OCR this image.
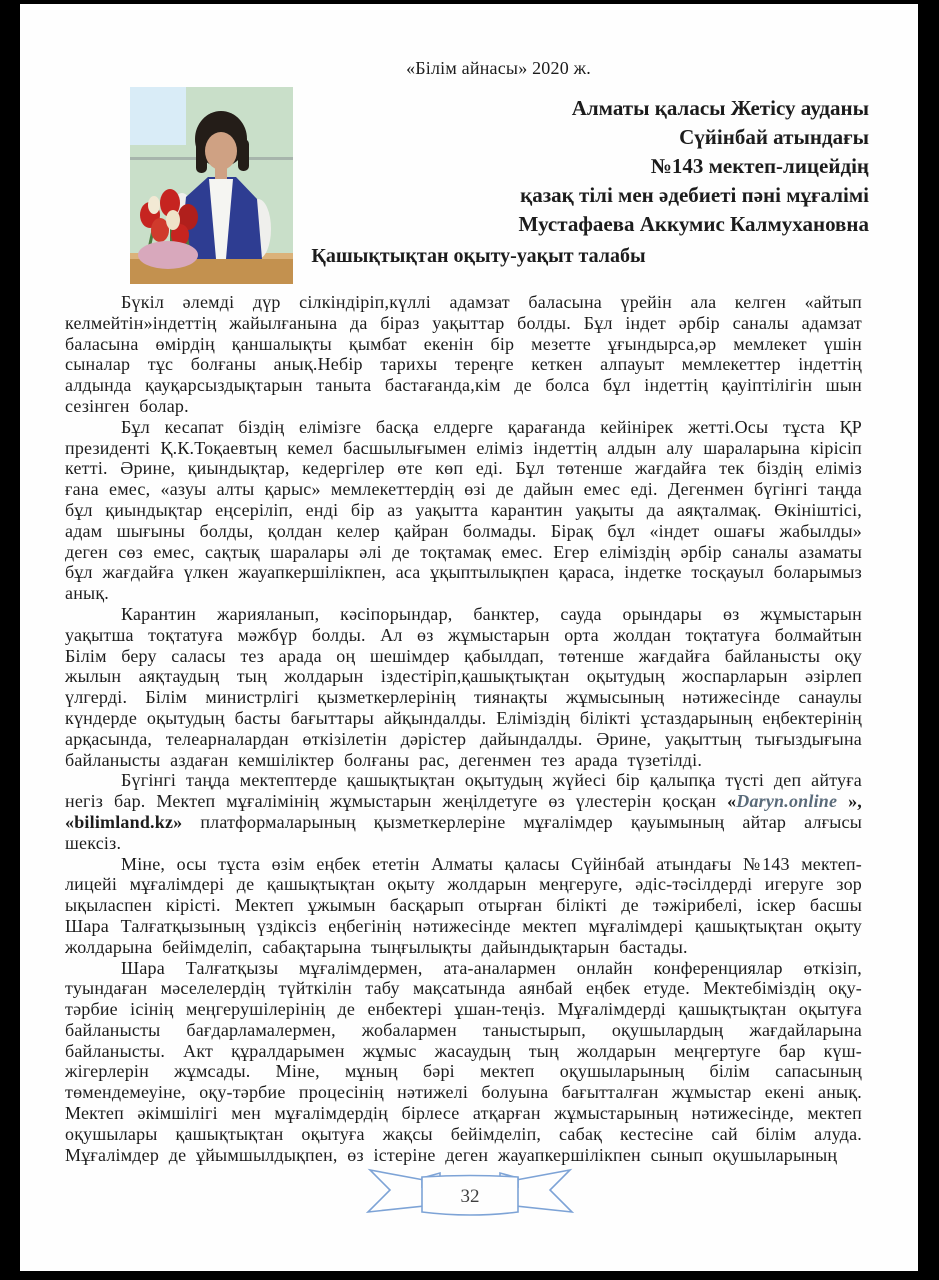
«Білім айнасы» 2020 ж.
Алматы қаласы Жетісу ауданы
Сүйінбай атындағы
№143 мектеп-лицейдің
қазақ тілі мен әдебиеті пәні мұғалімі
Мустафаева Аккумис Калмухановна
Қашықтықтан оқыту-уақыт талабы

Бүкіл әлемді дүр сілкіндіріп,күллі адамзат баласына үрейін ала келген «айтып келмейтін»індеттің жайылғанына да біраз уақыттар болды. Бұл індет әрбір саналы адамзат баласына өмірдің қаншалықты қымбат екенін бір мезетте ұғындырса,әр мемлекет үшін сыналар тұс болғаны анық.Небір тарихы тереңге кеткен алпауыт мемлекеттер індеттің алдында қауқарсыздықтарын таныта бастағанда,кім де болса бұл індеттің қауіптілігін шын сезінген болар.

Бұл кесапат біздің елімізге басқа елдерге қарағанда кейінірек жетті.Осы тұста ҚР президенті Қ.К.Тоқаевтың кемел басшылығымен еліміз індеттің алдын алу шараларына кірісіп кетті. Әрине, қиындықтар, кедергілер өте көп еді. Бұл төтенше жағдайға тек біздің еліміз ғана емес, «азуы алты қарыс» мемлекеттердің өзі де дайын емес еді. Дегенмен бүгінгі таңда бұл қиындықтар еңсеріліп, енді бір аз уақытта карантин уақыты да аяқталмақ. Өкініштісі, адам шығыны болды, қолдан келер қайран болмады. Бірақ бұл «індет ошағы жабылды» деген сөз емес, сақтық шаралары әлі де тоқтамақ емес. Егер еліміздің әрбір саналы азаматы бұл жағдайға үлкен жауапкершілікпен, аса ұқыптылықпен қараса, індетке тосқауыл боларымыз анық.

Карантин жарияланып, кәсіпорындар, банктер, сауда орындары өз жұмыстарын уақытша тоқтатуға мәжбүр болды. Ал өз жұмыстарын орта жолдан тоқтатуға болмайтын Білім беру саласы тез арада оң шешімдер қабылдап, төтенше жағдайға байланысты оқу жылын аяқтаудың тың жолдарын іздестіріп,қашықтықтан оқытудың жоспарларын әзірлеп үлгерді. Білім министрлігі қызметкерлерінің тиянақты жұмысының нәтижесінде санаулы күндерде оқытудың басты бағыттары айқындалды. Еліміздің білікті ұстаздарының еңбектерінің арқасында, телеарналардан өткізілетін дәрістер дайындалды. Әрине, уақыттың тығыздығына байланысты аздаған кемшіліктер болғаны рас, дегенмен тез арада түзетілді.

Бүгінгі таңда мектептерде қашықтықтан оқытудың жүйесі бір қалыпқа түсті деп айтуға негіз бар. Мектеп мұғалімінің жұмыстарын жеңілдетуге өз үлестерін қосқан «Daryn.online », «bilimland.kz» платформаларының қызметкерлеріне мұғалімдер қауымының айтар алғысы шексіз.

Міне, осы тұста өзім еңбек ететін Алматы қаласы Сүйінбай атындағы №143 мектеп-лицейі мұғалімдері де қашықтықтан оқыту жолдарын меңгеруге, әдіс-тәсілдерді игеруге зор ықыласпен кірісті. Мектеп ұжымын басқарып отырған білікті де тәжірибелі, іскер басшы Шара Талғатқызының үздіксіз еңбегінің нәтижесінде мектеп мұғалімдері қашықтықтан оқыту жолдарына бейімделіп, сабақтарына тыңғылықты дайындықтарын бастады.

Шара Талғатқызы мұғалімдермен, ата-аналармен онлайн конференциялар өткізіп, туындаған мәселелердің түйткілін табу мақсатында аянбай еңбек етуде. Мектебіміздің оқу-тәрбие ісінің меңгерушілерінің де енбектері ұшан-теңіз. Мұғалімдерді қашықтықтан оқытуға байланысты бағдарламалермен, жобалармен таныстырып, оқушылардың жағдайларына байланысты. Акт құралдарымен жұмыс жасаудың тың жолдарын меңгертуге бар күш-жігерлерін жұмсады. Міне, мұның бәрі мектеп оқушыларының білім сапасының төмендемеуіне, оқу-тәрбие процесінің нәтижелі болуына бағытталған жұмыстар екені анық. Мектеп әкімшілігі мен мұғалімдердің бірлесе атқарған жұмыстарының нәтижесінде, мектеп оқушылары қашықтықтан оқытуға жақсы бейімделіп, сабақ кестесіне сай білім алуда. Мұғалімдер де ұйымшылдықпен, өз істеріне деген жауапкершілікпен сынып оқушыларының

32
